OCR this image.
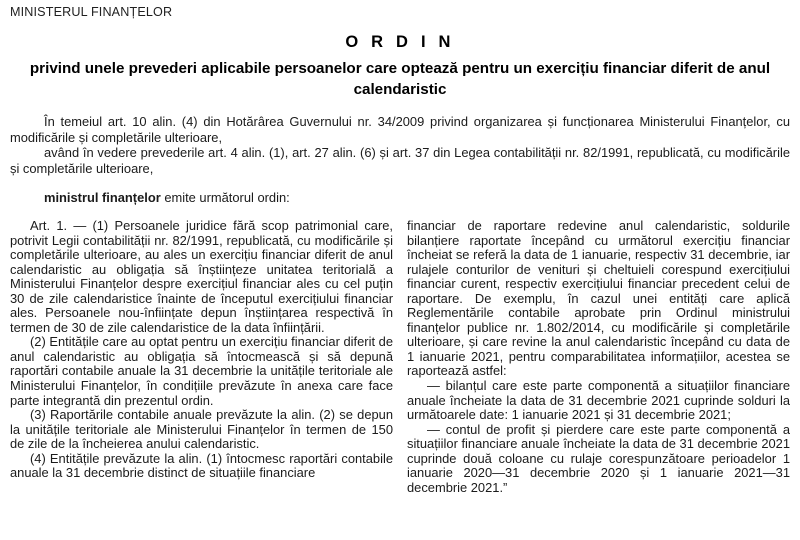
MINISTERUL FINANȚELOR
O R D I N
privind unele prevederi aplicabile persoanelor care optează pentru un exercițiu financiar diferit de anul calendaristic

În temeiul art. 10 alin. (4) din Hotărârea Guvernului nr. 34/2009 privind organizarea și funcționarea Ministerului Finanțelor, cu modificările și completările ulterioare,

având în vedere prevederile art. 4 alin. (1), art. 27 alin. (6) și art. 37 din Legea contabilității nr. 82/1991, republicată, cu modificările și completările ulterioare,

ministrul finanțelor emite următorul ordin:

Art. 1. — (1) Persoanele juridice fără scop patrimonial care, potrivit Legii contabilității nr. 82/1991, republicată, cu modificările și completările ulterioare, au ales un exercițiu financiar diferit de anul calendaristic au obligația să înștiințeze unitatea teritorială a Ministerului Finanțelor despre exercițiul financiar ales cu cel puțin 30 de zile calendaristice înainte de începutul exercițiului financiar ales. Persoanele nou-înființate depun înștiințarea respectivă în termen de 30 de zile calendaristice de la data înființării.

(2) Entitățile care au optat pentru un exercițiu financiar diferit de anul calendaristic au obligația să întocmească și să depună raportări contabile anuale la 31 decembrie la unitățile teritoriale ale Ministerului Finanțelor, în condițiile prevăzute în anexa care face parte integrantă din prezentul ordin.

(3) Raportările contabile anuale prevăzute la alin. (2) se depun la unitățile teritoriale ale Ministerului Finanțelor în termen de 150 de zile de la încheierea anului calendaristic.

(4) Entitățile prevăzute la alin. (1) întocmesc raportări contabile anuale la 31 decembrie distinct de situațiile financiare

financiar de raportare redevine anul calendaristic, soldurile bilanțiere raportate începând cu următorul exercițiu financiar încheiat se referă la data de 1 ianuarie, respectiv 31 decembrie, iar rulajele conturilor de venituri și cheltuieli corespund exercițiului financiar curent, respectiv exercițiului financiar precedent celui de raportare. De exemplu, în cazul unei entități care aplică Reglementările contabile aprobate prin Ordinul ministrului finanțelor publice nr. 1.802/2014, cu modificările și completările ulterioare, și care revine la anul calendaristic începând cu data de 1 ianuarie 2021, pentru comparabilitatea informațiilor, acestea se raportează astfel:

— bilanțul care este parte componentă a situațiilor financiare anuale încheiate la data de 31 decembrie 2021 cuprinde solduri la următoarele date: 1 ianuarie 2021 și 31 decembrie 2021;

— contul de profit și pierdere care este parte componentă a situațiilor financiare anuale încheiate la data de 31 decembrie 2021 cuprinde două coloane cu rulaje corespunzătoare perioadelor 1 ianuarie 2020—31 decembrie 2020 și 1 ianuarie 2021—31 decembrie 2021.”
